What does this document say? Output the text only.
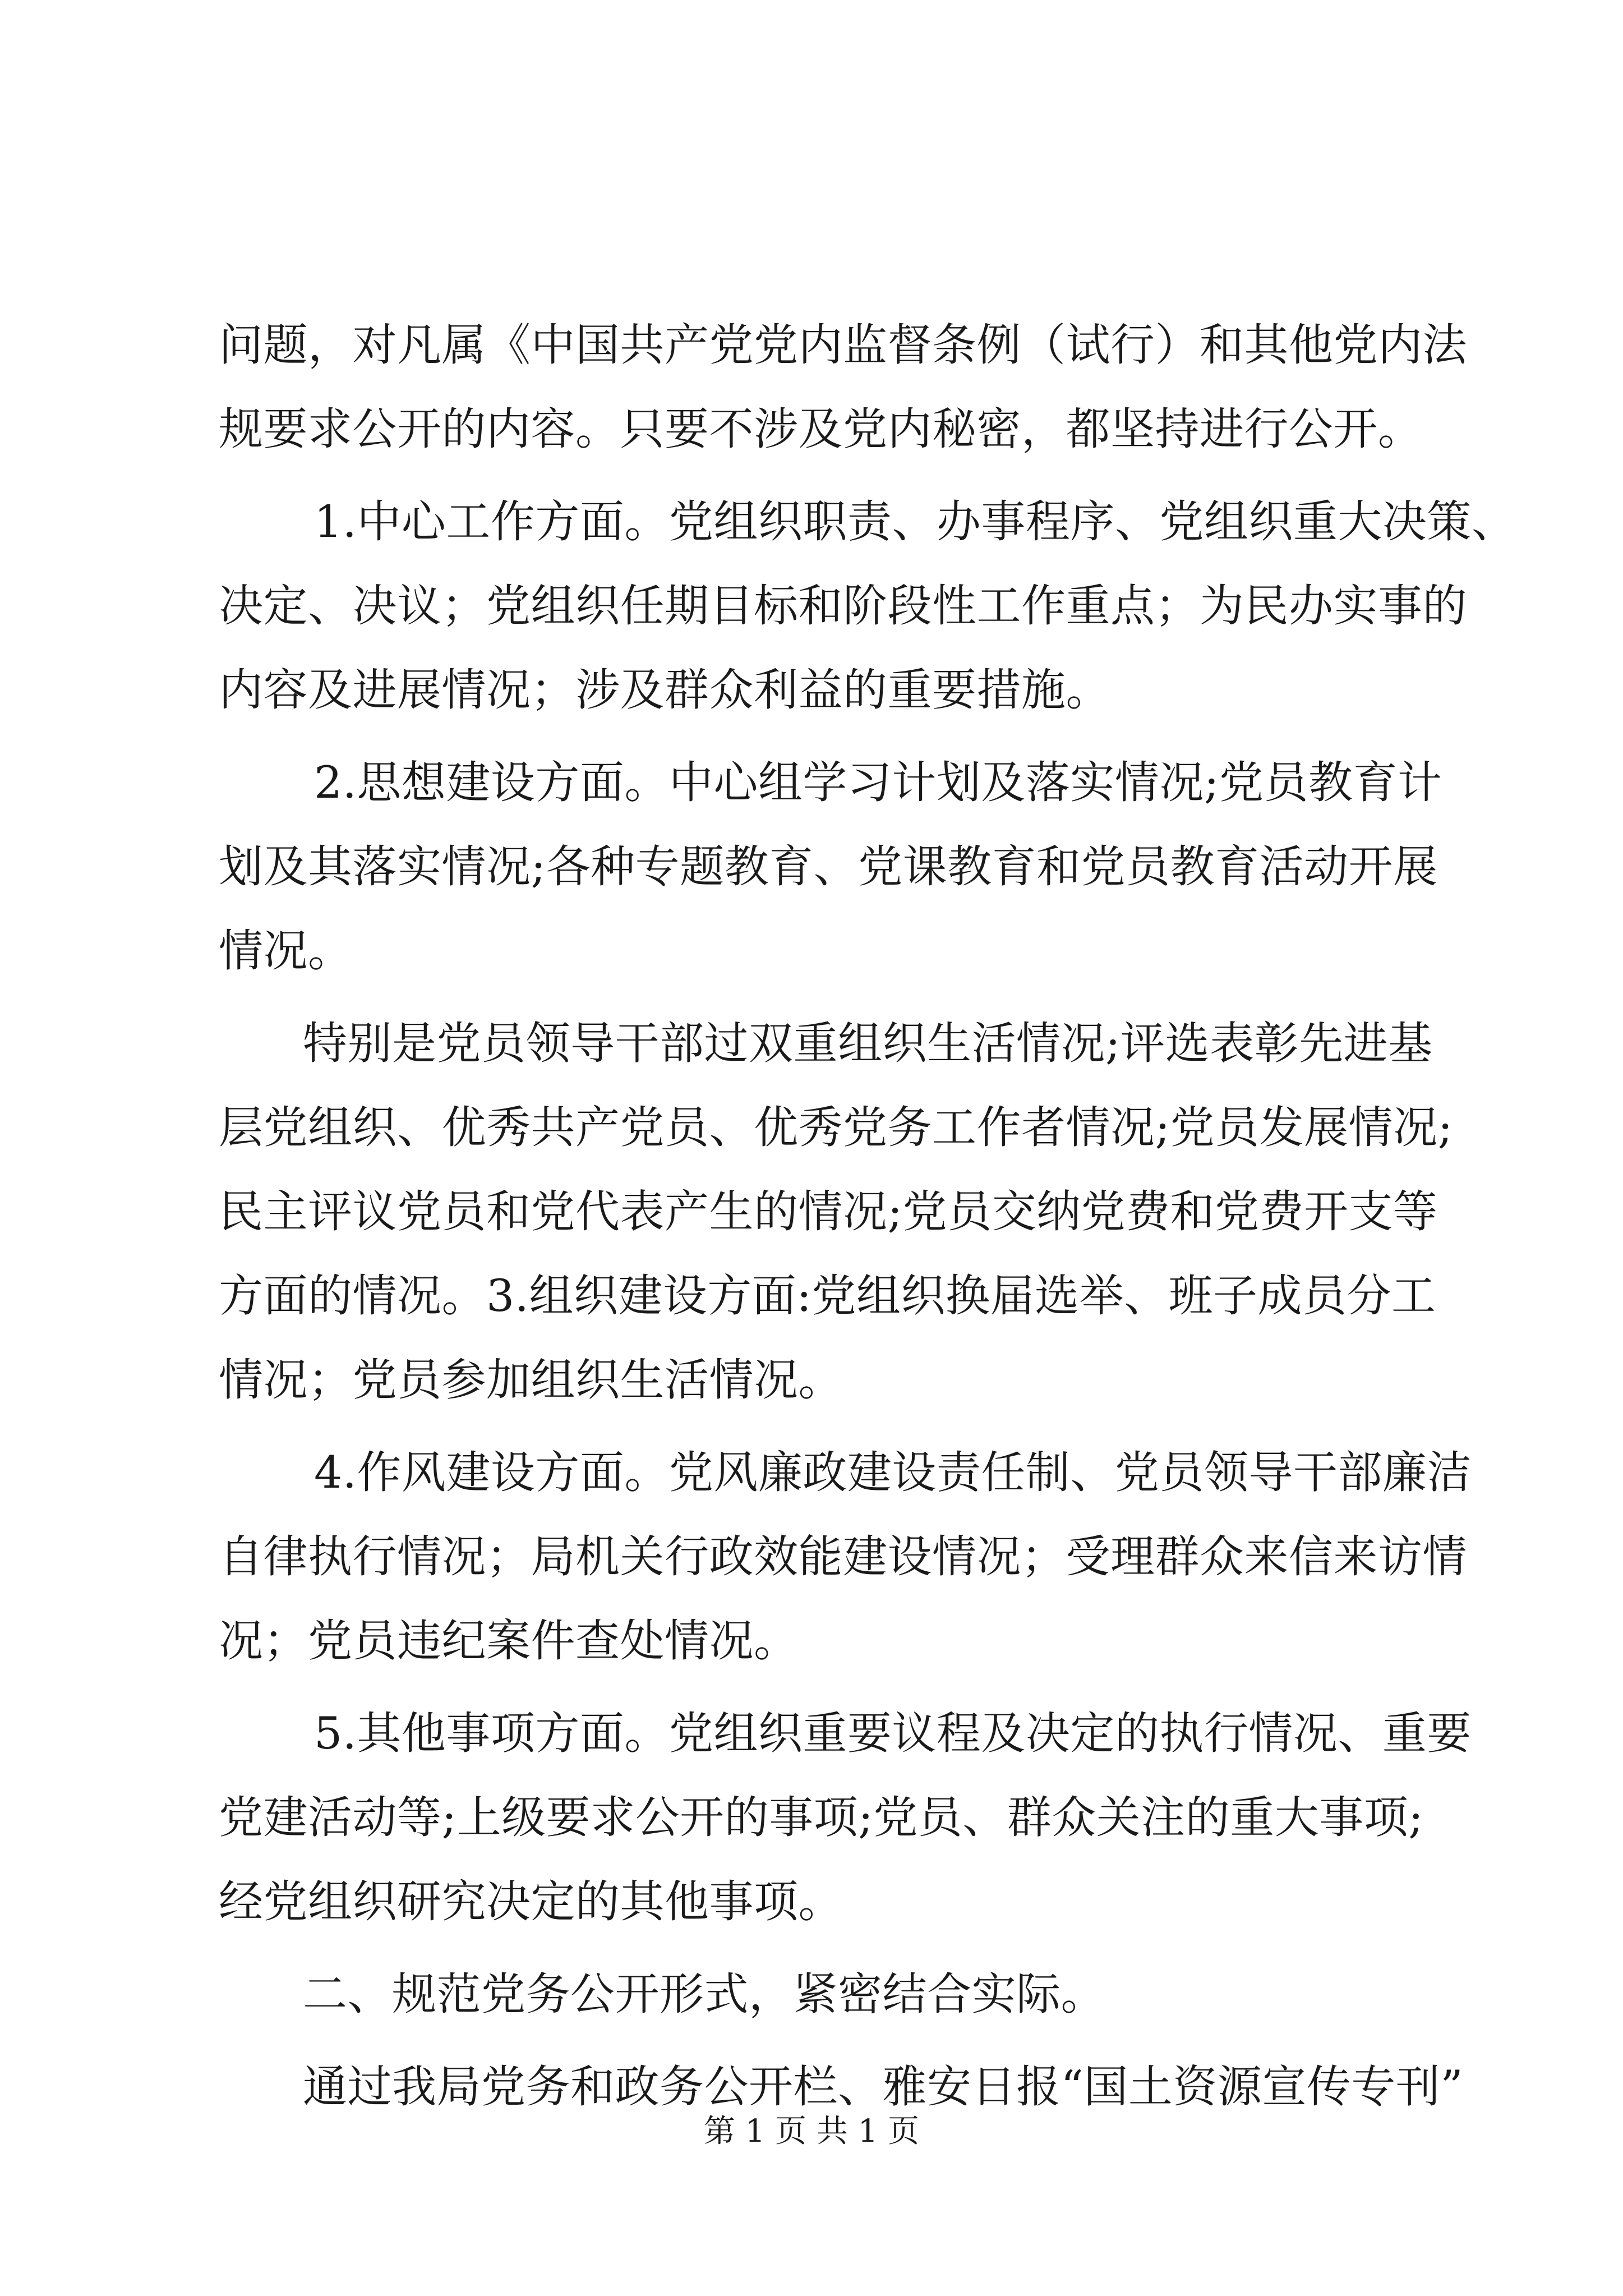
问题，对凡属《中国共产党党内监督条例（试行）和其他党内法
规要求公开的内容。只要不涉及党内秘密，都坚持进行公开。
1.中心工作方面。党组织职责、办事程序、党组织重大决策、
决定、决议；党组织任期目标和阶段性工作重点；为民办实事的
内容及进展情况；涉及群众利益的重要措施。
2.思想建设方面。中心组学习计划及落实情况;党员教育计
划及其落实情况;各种专题教育、党课教育和党员教育活动开展
情况。
特别是党员领导干部过双重组织生活情况;评选表彰先进基
层党组织、优秀共产党员、优秀党务工作者情况;党员发展情况;
民主评议党员和党代表产生的情况;党员交纳党费和党费开支等
方面的情况。3.组织建设方面:党组织换届选举、班子成员分工
情况；党员参加组织生活情况。
4.作风建设方面。党风廉政建设责任制、党员领导干部廉洁
自律执行情况；局机关行政效能建设情况；受理群众来信来访情
况；党员违纪案件查处情况。
5.其他事项方面。党组织重要议程及决定的执行情况、重要
党建活动等;上级要求公开的事项;党员、群众关注的重大事项;
经党组织研究决定的其他事项。
二、规范党务公开形式，紧密结合实际。
通过我局党务和政务公开栏、雅安日报“国土资源宣传专刊”
第 1 页 共 1 页
